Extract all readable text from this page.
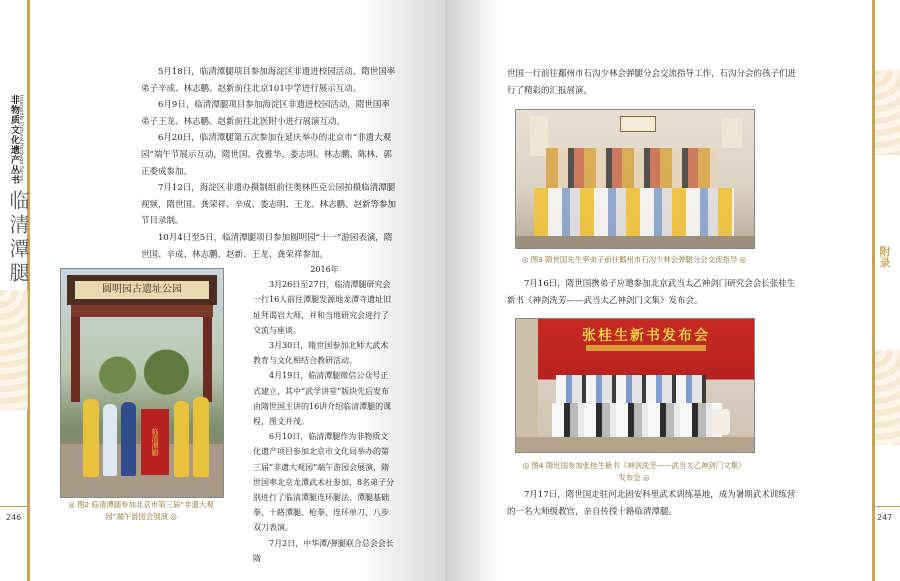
非物质文化遗产丛书 Intangible Cultural Heritage Series
临清潭腿

5月18日，临清潭腿项目参加海淀区非遗进校园活动，隋世国率弟子辛成、林志鹏、赵新前往北京101中学进行展示互动。

6月9日，临清潭腿项目参加海淀区非遗进校园活动，隋世国率弟子王龙、林志鹏、赵新前往北医附小进行展演互动。

6月20日，临清潭腿第五次参加在延庆举办的北京市“非遗大观园”端午节展示互动，隋世国、孜雅华、娄志明、林志鹏、陈林、郭正委成参加。

7月12日，海淀区非遗办摄制组前往奥林匹克公园拍摄临清潭腿视频，隋世国、龚荣祥、辛成、娄志明、王龙、林志鹏、赵新等参加节目录制。

10月4日至5日，临清潭腿项目参加圆明园“十一”游园表演，隋世国、辛成、林志鹏、赵新、王龙、龚荣祥参加。

2016年

3月26日至27日，临清潭腿研究会一行16人前往潭腿发源地龙潭寺遗址旧址拜谒岩大师，并和当地研究会进行了交流与座谈。

3月30日，隋世国参加北师大武术教育与文化相结合教研活动。

4月19日，临清潭腿微信公众号正式建立，其中“武学讲堂”版块先后发布由隋世国主讲的16讲介绍临清潭腿的课程，图文并茂。

6月10日，临清潭腿作为非物质文化遗产项目参加北京市文化局举办的第三届“非遗大观园”端午游园会展演，隋世国率北京龙潭武术社参加，8名弟子分别进行了临清潭腿连环腿法、潭腿基础拳、十路潭腿、枪拳、连环单刀、八步双刀表演。

7月2日，中华潭/弹腿联合总会会长隋

圆明园古遗址公园
临清潭腿
◎ 图2 临清潭腿参加北京市第三届“非遗大观园”端午游园会展演 ◎
246
附录

世国一行前往鄱州市石沟少林会弹腿分会交流指导工作，石沟分会的孩子们进行了精彩的汇报展演。

◎ 图3 隋世国先生率弟子前往鄱州市石沟少林会弹腿分会交流指导 ◎

7月16日，隋世国携弟子应邀参加北京武当太乙神剑门研究会会长张桂生新书《神剑洗芳——武当太乙神剑门文集》发布会。

张桂生新书发布会
◎ 图4 隋世国参加张桂生新书《神剑洗芳——武当太乙神剑门文集》发布会 ◎

7月17日，隋世国走驻河北固安科里武术训练基地，成为暑期武术训练营的一名大师级教官，亲自传授十路临清潭腿。

247
